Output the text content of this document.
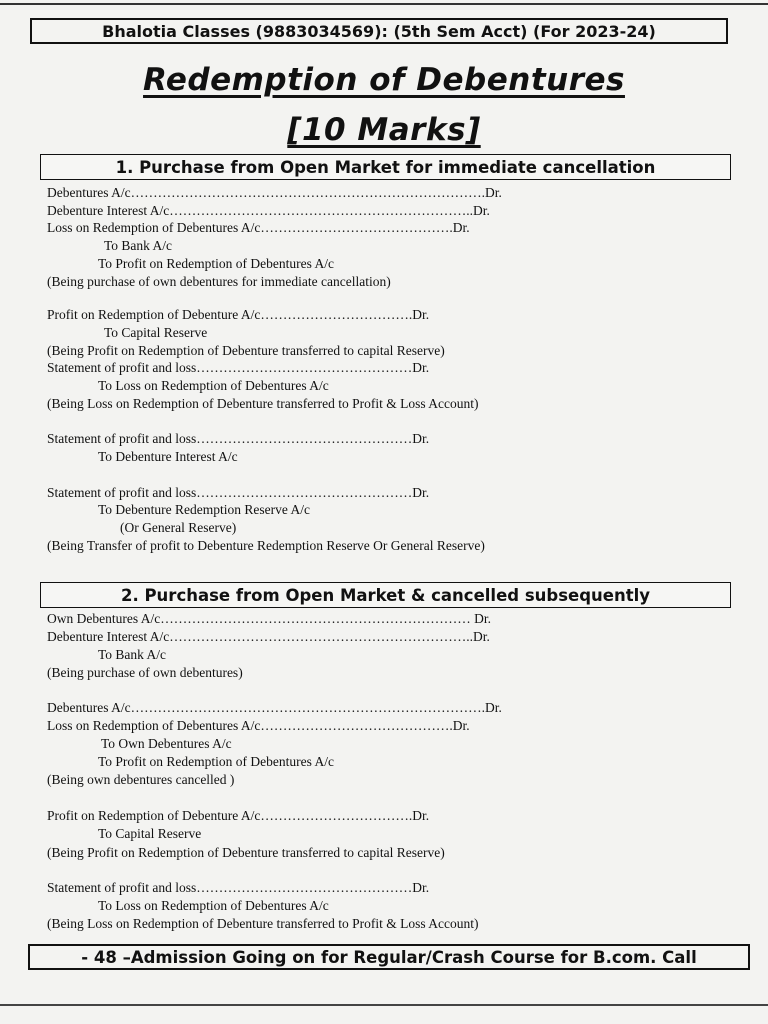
Bhalotia Classes (9883034569): (5th Sem Acct) (For 2023-24)
Redemption of Debentures
[10 Marks]
1. Purchase from Open Market for immediate cancellation
Debentures A/c…………………………………………………………………….Dr.
Debenture Interest A/c…………………………………………………………..Dr.
Loss on Redemption of Debentures A/c…………………………………….Dr.
To Bank A/c
To Profit on Redemption of Debentures A/c
(Being purchase of own debentures for immediate cancellation)
Profit on Redemption of Debenture A/c…………………………….Dr.
To Capital Reserve
(Being Profit on Redemption of Debenture transferred to capital Reserve)
Statement of profit and loss…………………………………………Dr.
To Loss on Redemption of Debentures A/c
(Being Loss on Redemption of Debenture transferred to Profit & Loss Account)
Statement of profit and loss…………………………………………Dr.
To Debenture Interest A/c
Statement of profit and loss…………………………………………Dr.
To Debenture Redemption Reserve A/c
(Or General Reserve)
(Being Transfer of profit to Debenture Redemption Reserve Or General Reserve)
2. Purchase from Open Market & cancelled subsequently
Own Debentures A/c…………………………………………………………… Dr.
Debenture Interest A/c…………………………………………………………..Dr.
To Bank A/c
(Being purchase of own debentures)
Debentures A/c…………………………………………………………………….Dr.
Loss on Redemption of Debentures A/c…………………………………….Dr.
To Own Debentures A/c
To Profit on Redemption of Debentures A/c
(Being own debentures cancelled )
Profit on Redemption of Debenture A/c…………………………….Dr.
To Capital Reserve
(Being Profit on Redemption of Debenture transferred to capital Reserve)
Statement of profit and loss…………………………………………Dr.
To Loss on Redemption of Debentures A/c
(Being Loss on Redemption of Debenture transferred to Profit & Loss Account)
- 48 –Admission Going on for Regular/Crash Course for B.com. Call
